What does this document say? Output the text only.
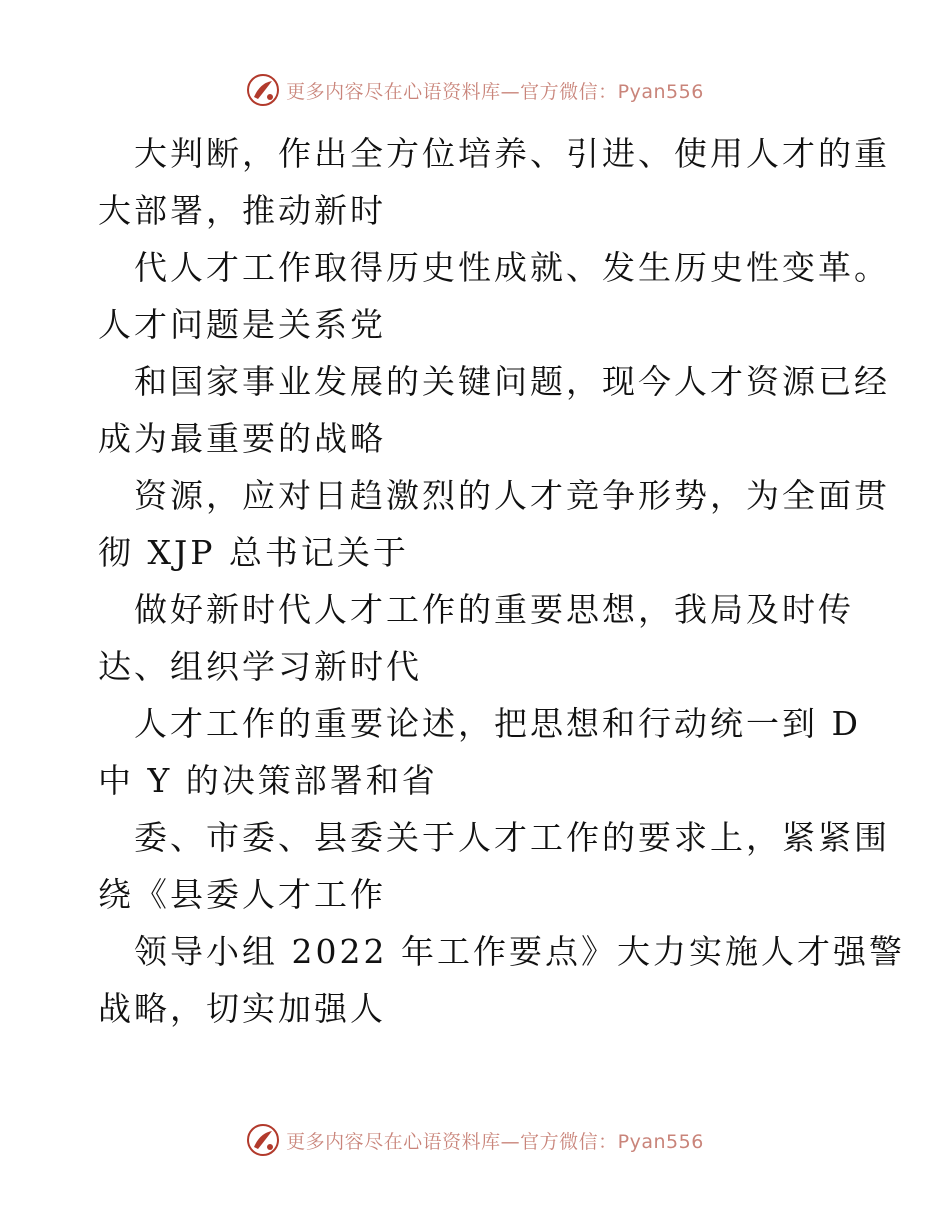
更多内容尽在心语资料库—官方微信：Pyan556

大判断，作出全方位培养、引进、使用人才的重
大部署，推动新时

代人才工作取得历史性成就、发生历史性变革。
人才问题是关系党

和国家事业发展的关键问题，现今人才资源已经
成为最重要的战略

资源，应对日趋激烈的人才竞争形势，为全面贯
彻 XJP 总书记关于

做好新时代人才工作的重要思想，我局及时传
达、组织学习新时代

人才工作的重要论述，把思想和行动统一到 D
中 Y 的决策部署和省

委、市委、县委关于人才工作的要求上，紧紧围
绕《县委人才工作

领导小组 2022 年工作要点》大力实施人才强警
战略，切实加强人

更多内容尽在心语资料库—官方微信：Pyan556
